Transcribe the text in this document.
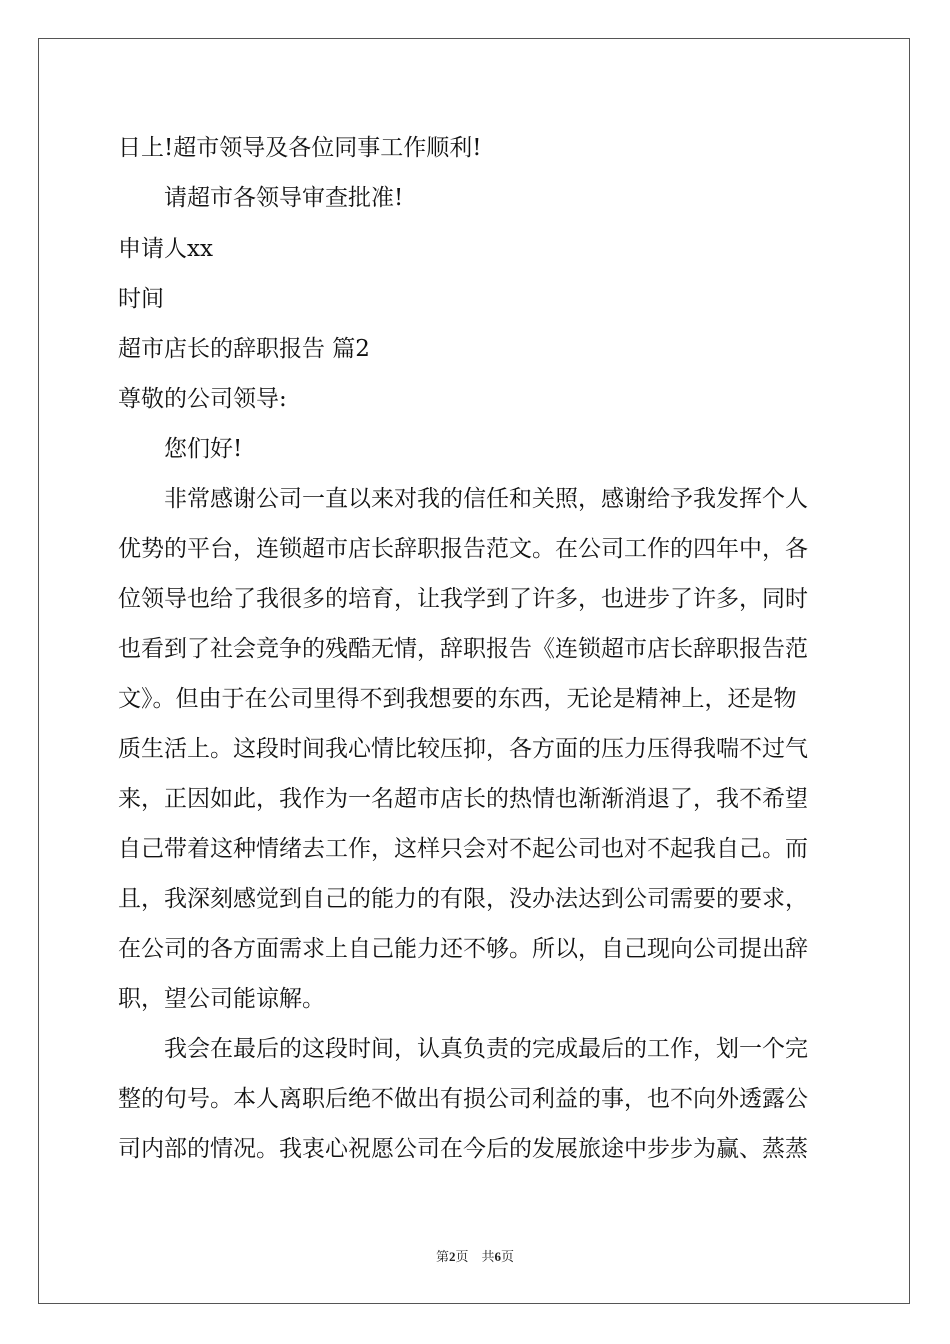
日上!超市领导及各位同事工作顺利!
请超市各领导审查批准!
申请人xx
时间
超市店长的辞职报告 篇2
尊敬的公司领导:
您们好!
非常感谢公司一直以来对我的信任和关照，感谢给予我发挥个人
优势的平台，连锁超市店长辞职报告范文。在公司工作的四年中，各
位领导也给了我很多的培育，让我学到了许多，也进步了许多，同时
也看到了社会竞争的残酷无情，辞职报告《连锁超市店长辞职报告范
文》。但由于在公司里得不到我想要的东西，无论是精神上，还是物
质生活上。这段时间我心情比较压抑，各方面的压力压得我喘不过气
来，正因如此，我作为一名超市店长的热情也渐渐消退了，我不希望
自己带着这种情绪去工作，这样只会对不起公司也对不起我自己。而
且，我深刻感觉到自己的能力的有限，没办法达到公司需要的要求，
在公司的各方面需求上自己能力还不够。所以，自己现向公司提出辞
职，望公司能谅解。
我会在最后的这段时间，认真负责的完成最后的工作，划一个完
整的句号。本人离职后绝不做出有损公司利益的事，也不向外透露公
司内部的情况。我衷心祝愿公司在今后的发展旅途中步步为赢、蒸蒸
第2页　共6页
